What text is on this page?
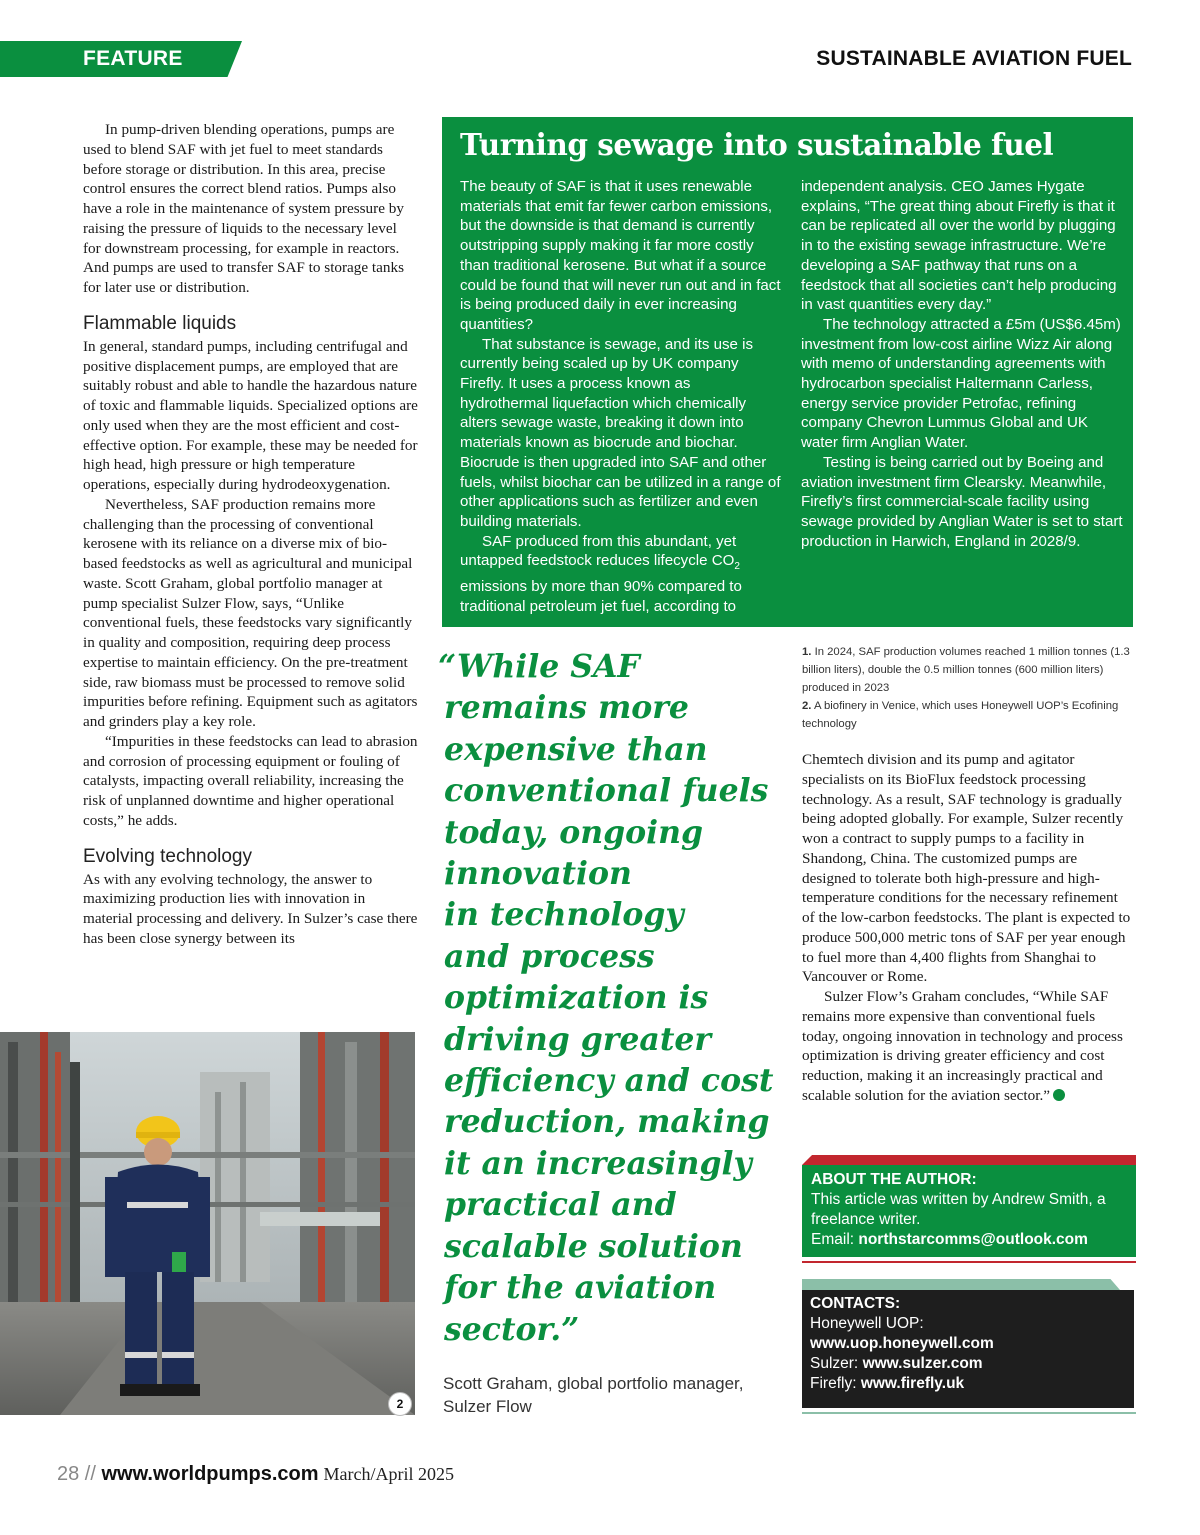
FEATURE	SUSTAINABLE AVIATION FUEL

In pump-driven blending operations, pumps are used to blend SAF with jet fuel to meet standards before storage or distribution. In this area, precise control ensures the correct blend ratios. Pumps also have a role in the maintenance of system pressure by raising the pressure of liquids to the necessary level for downstream processing, for example in reactors. And pumps are used to transfer SAF to storage tanks for later use or distribution.

Flammable liquids

In general, standard pumps, including centrifugal and positive displacement pumps, are employed that are suitably robust and able to handle the hazardous nature of toxic and flammable liquids. Specialized options are only used when they are the most efficient and cost-effective option. For example, these may be needed for high head, high pressure or high temperature operations, especially during hydrodeoxygenation.

Nevertheless, SAF production remains more challenging than the processing of conventional kerosene with its reliance on a diverse mix of bio-based feedstocks as well as agricultural and municipal waste. Scott Graham, global portfolio manager at pump specialist Sulzer Flow, says, “Unlike conventional fuels, these feedstocks vary significantly in quality and composition, requiring deep process expertise to maintain efficiency. On the pre-treatment side, raw biomass must be processed to remove solid impurities before refining. Equipment such as agitators and grinders play a key role.

“Impurities in these feedstocks can lead to abrasion and corrosion of processing equipment or fouling of catalysts, impacting overall reliability, increasing the risk of unplanned downtime and higher operational costs,” he adds.

Evolving technology

As with any evolving technology, the answer to maximizing production lies with innovation in material processing and delivery. In Sulzer’s case there has been close synergy between its

Turning sewage into sustainable fuel

The beauty of SAF is that it uses renewable materials that emit far fewer carbon emissions, but the downside is that demand is currently outstripping supply making it far more costly than traditional kerosene. But what if a source could be found that will never run out and in fact is being produced daily in ever increasing quantities?

That substance is sewage, and its use is currently being scaled up by UK company Firefly. It uses a process known as hydrothermal liquefaction which chemically alters sewage waste, breaking it down into materials known as biocrude and biochar. Biocrude is then upgraded into SAF and other fuels, whilst biochar can be utilized in a range of other applications such as fertilizer and even building materials.

SAF produced from this abundant, yet untapped feedstock reduces lifecycle $CO_2$ emissions by more than 90% compared to traditional petroleum jet fuel, according to

independent analysis. CEO James Hygate explains, “The great thing about Firefly is that it can be replicated all over the world by plugging in to the existing sewage infrastructure. We’re developing a SAF pathway that runs on a feedstock that all societies can’t help producing in vast quantities every day.”

The technology attracted a £5m (US$6.45m) investment from low-cost airline Wizz Air along with memo of understanding agreements with hydrocarbon specialist Haltermann Carless, energy service provider Petrofac, refining company Chevron Lummus Global and UK water firm Anglian Water.

Testing is being carried out by Boeing and aviation investment firm Clearsky. Meanwhile, Firefly’s first commercial-scale facility using sewage provided by Anglian Water is set to start production in Harwich, England in 2028/9.

“While SAF
remains more
expensive than
conventional fuels
today, ongoing
innovation
in technology
and process
optimization is
driving greater
efficiency and cost
reduction, making
it an increasingly
practical and
scalable solution
for the aviation
sector.”
Scott Graham, global portfolio manager, Sulzer Flow

1. In 2024, SAF production volumes reached 1 million tonnes (1.3 billion liters), double the 0.5 million tonnes (600 million liters) produced in 2023

2. A biofinery in Venice, which uses Honeywell UOP’s Ecofining technology

Chemtech division and its pump and agitator specialists on its BioFlux feedstock processing technology. As a result, SAF technology is gradually being adopted globally. For example, Sulzer recently won a contract to supply pumps to a facility in Shandong, China. The customized pumps are designed to tolerate both high-pressure and high-temperature conditions for the necessary refinement of the low-carbon feedstocks. The plant is expected to produce 500,000 metric tons of SAF per year enough to fuel more than 4,400 flights from Shanghai to Vancouver or Rome.

Sulzer Flow’s Graham concludes, “While SAF remains more expensive than conventional fuels today, ongoing innovation in technology and process optimization is driving greater efficiency and cost reduction, making it an increasingly practical and scalable solution for the aviation sector.”

ABOUT THE AUTHOR:
This article was written by Andrew Smith, a freelance writer.
Email: northstarcomms@outlook.com
CONTACTS:
Honeywell UOP:
www.uop.honeywell.com
Sulzer: www.sulzer.com
Firefly: www.firefly.uk
2
28 // www.worldpumps.com March/April 2025
